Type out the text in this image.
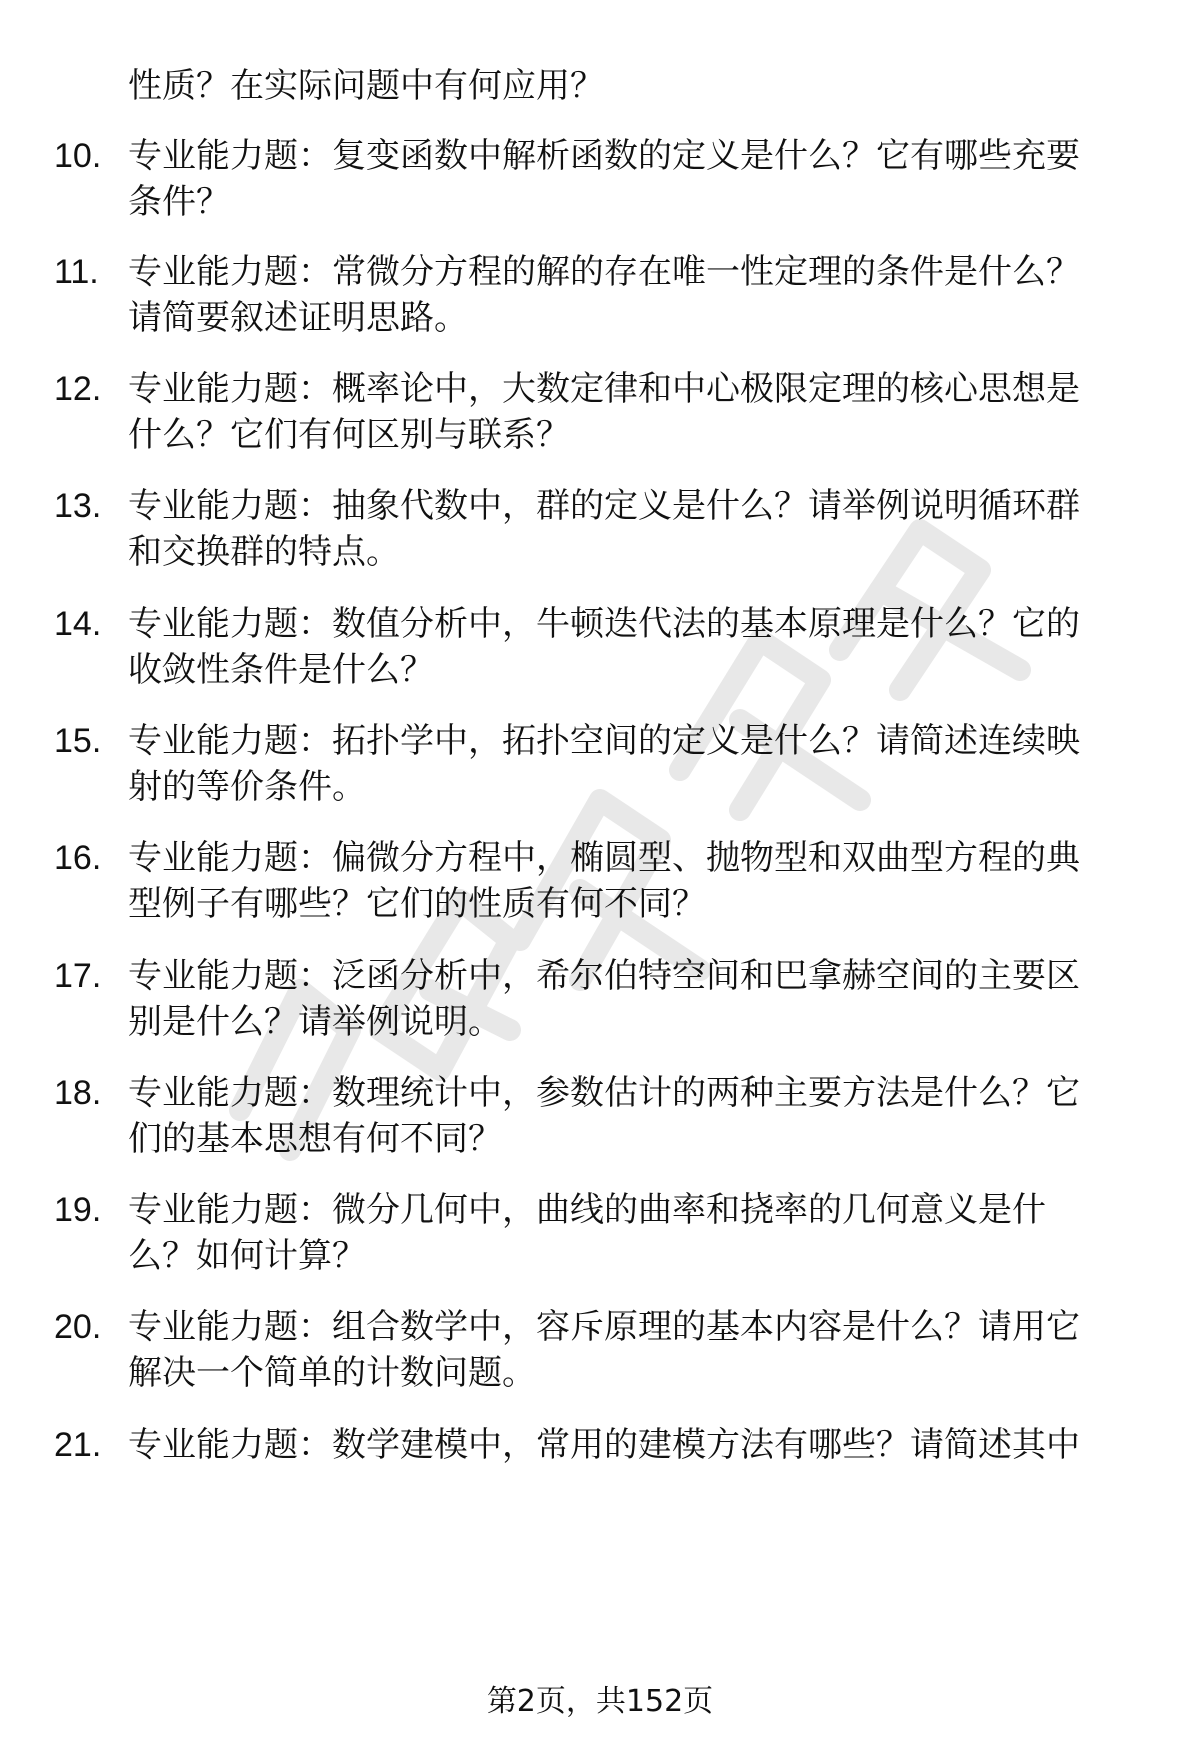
性质？在实际问题中有何应用？
10. 专业能力题：复变函数中解析函数的定义是什么？它有哪些充要
条件？
11. 专业能力题：常微分方程的解的存在唯一性定理的条件是什么？
请简要叙述证明思路。
12. 专业能力题：概率论中，大数定律和中心极限定理的核心思想是
什么？它们有何区别与联系？
13. 专业能力题：抽象代数中，群的定义是什么？请举例说明循环群
和交换群的特点。
14. 专业能力题：数值分析中，牛顿迭代法的基本原理是什么？它的
收敛性条件是什么？
15. 专业能力题：拓扑学中，拓扑空间的定义是什么？请简述连续映
射的等价条件。
16. 专业能力题：偏微分方程中，椭圆型、抛物型和双曲型方程的典
型例子有哪些？它们的性质有何不同？
17. 专业能力题：泛函分析中，希尔伯特空间和巴拿赫空间的主要区
别是什么？请举例说明。
18. 专业能力题：数理统计中，参数估计的两种主要方法是什么？它
们的基本思想有何不同？
19. 专业能力题：微分几何中，曲线的曲率和挠率的几何意义是什
么？如何计算？
20. 专业能力题：组合数学中，容斥原理的基本内容是什么？请用它
解决一个简单的计数问题。
21. 专业能力题：数学建模中，常用的建模方法有哪些？请简述其中
第2页，共152页
